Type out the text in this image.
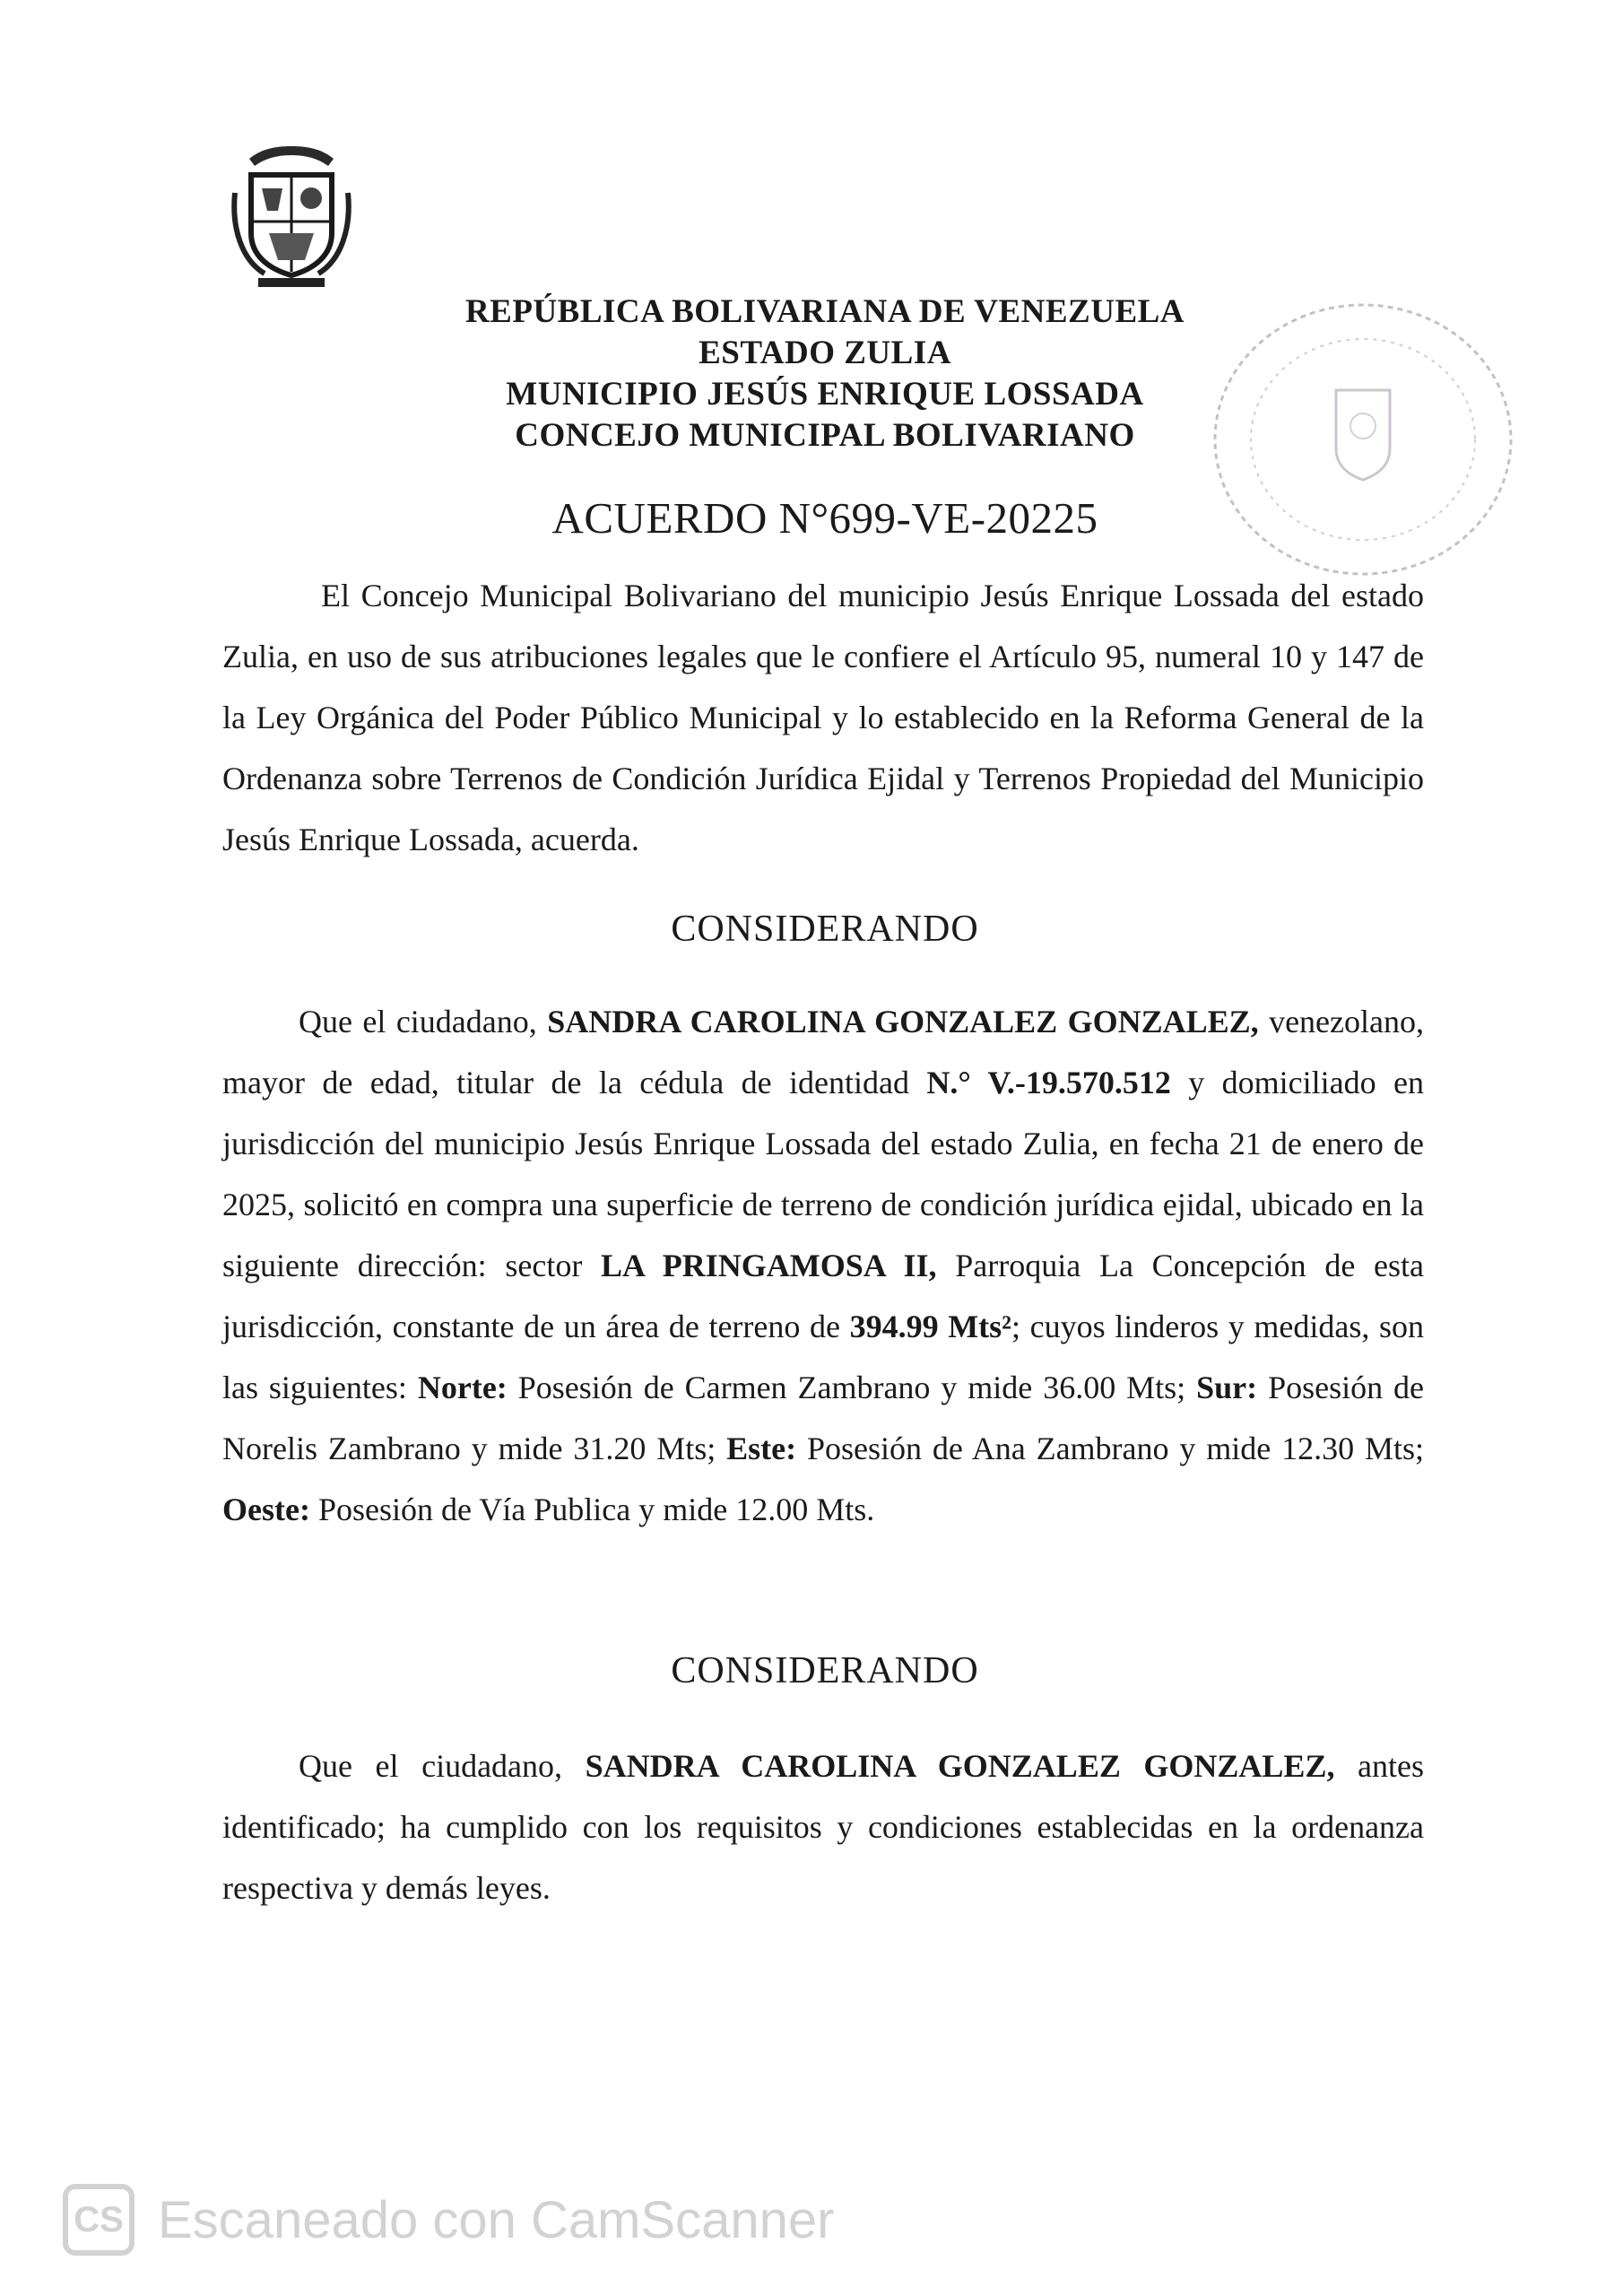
REPÚBLICA BOLIVARIANA DE VENEZUELA
ESTADO ZULIA
MUNICIPIO JESÚS ENRIQUE LOSSADA
CONCEJO MUNICIPAL BOLIVARIANO
ACUERDO N°699-VE-20225

El Concejo Municipal Bolivariano del municipio Jesús Enrique Lossada del estado Zulia, en uso de sus atribuciones legales que le confiere el Artículo 95, numeral 10 y 147 de la Ley Orgánica del Poder Público Municipal y lo establecido en la Reforma General de la Ordenanza sobre Terrenos de Condición Jurídica Ejidal y Terrenos Propiedad del Municipio Jesús Enrique Lossada, acuerda.

CONSIDERANDO

Que el ciudadano, SANDRA CAROLINA GONZALEZ GONZALEZ, venezolano, mayor de edad, titular de la cédula de identidad N.° V.-19.570.512 y domiciliado en jurisdicción del municipio Jesús Enrique Lossada del estado Zulia, en fecha 21 de enero de 2025, solicitó en compra una superficie de terreno de condición jurídica ejidal, ubicado en la siguiente dirección: sector LA PRINGAMOSA II, Parroquia La Concepción de esta jurisdicción, constante de un área de terreno de 394.99 Mts²; cuyos linderos y medidas, son las siguientes: Norte: Posesión de Carmen Zambrano y mide 36.00 Mts; Sur: Posesión de Norelis Zambrano y mide 31.20 Mts; Este: Posesión de Ana Zambrano y mide 12.30 Mts; Oeste: Posesión de Vía Publica y mide 12.00 Mts.

CONSIDERANDO

Que el ciudadano, SANDRA CAROLINA GONZALEZ GONZALEZ, antes identificado; ha cumplido con los requisitos y condiciones establecidas en la ordenanza respectiva y demás leyes.

CS Escaneado con CamScanner
